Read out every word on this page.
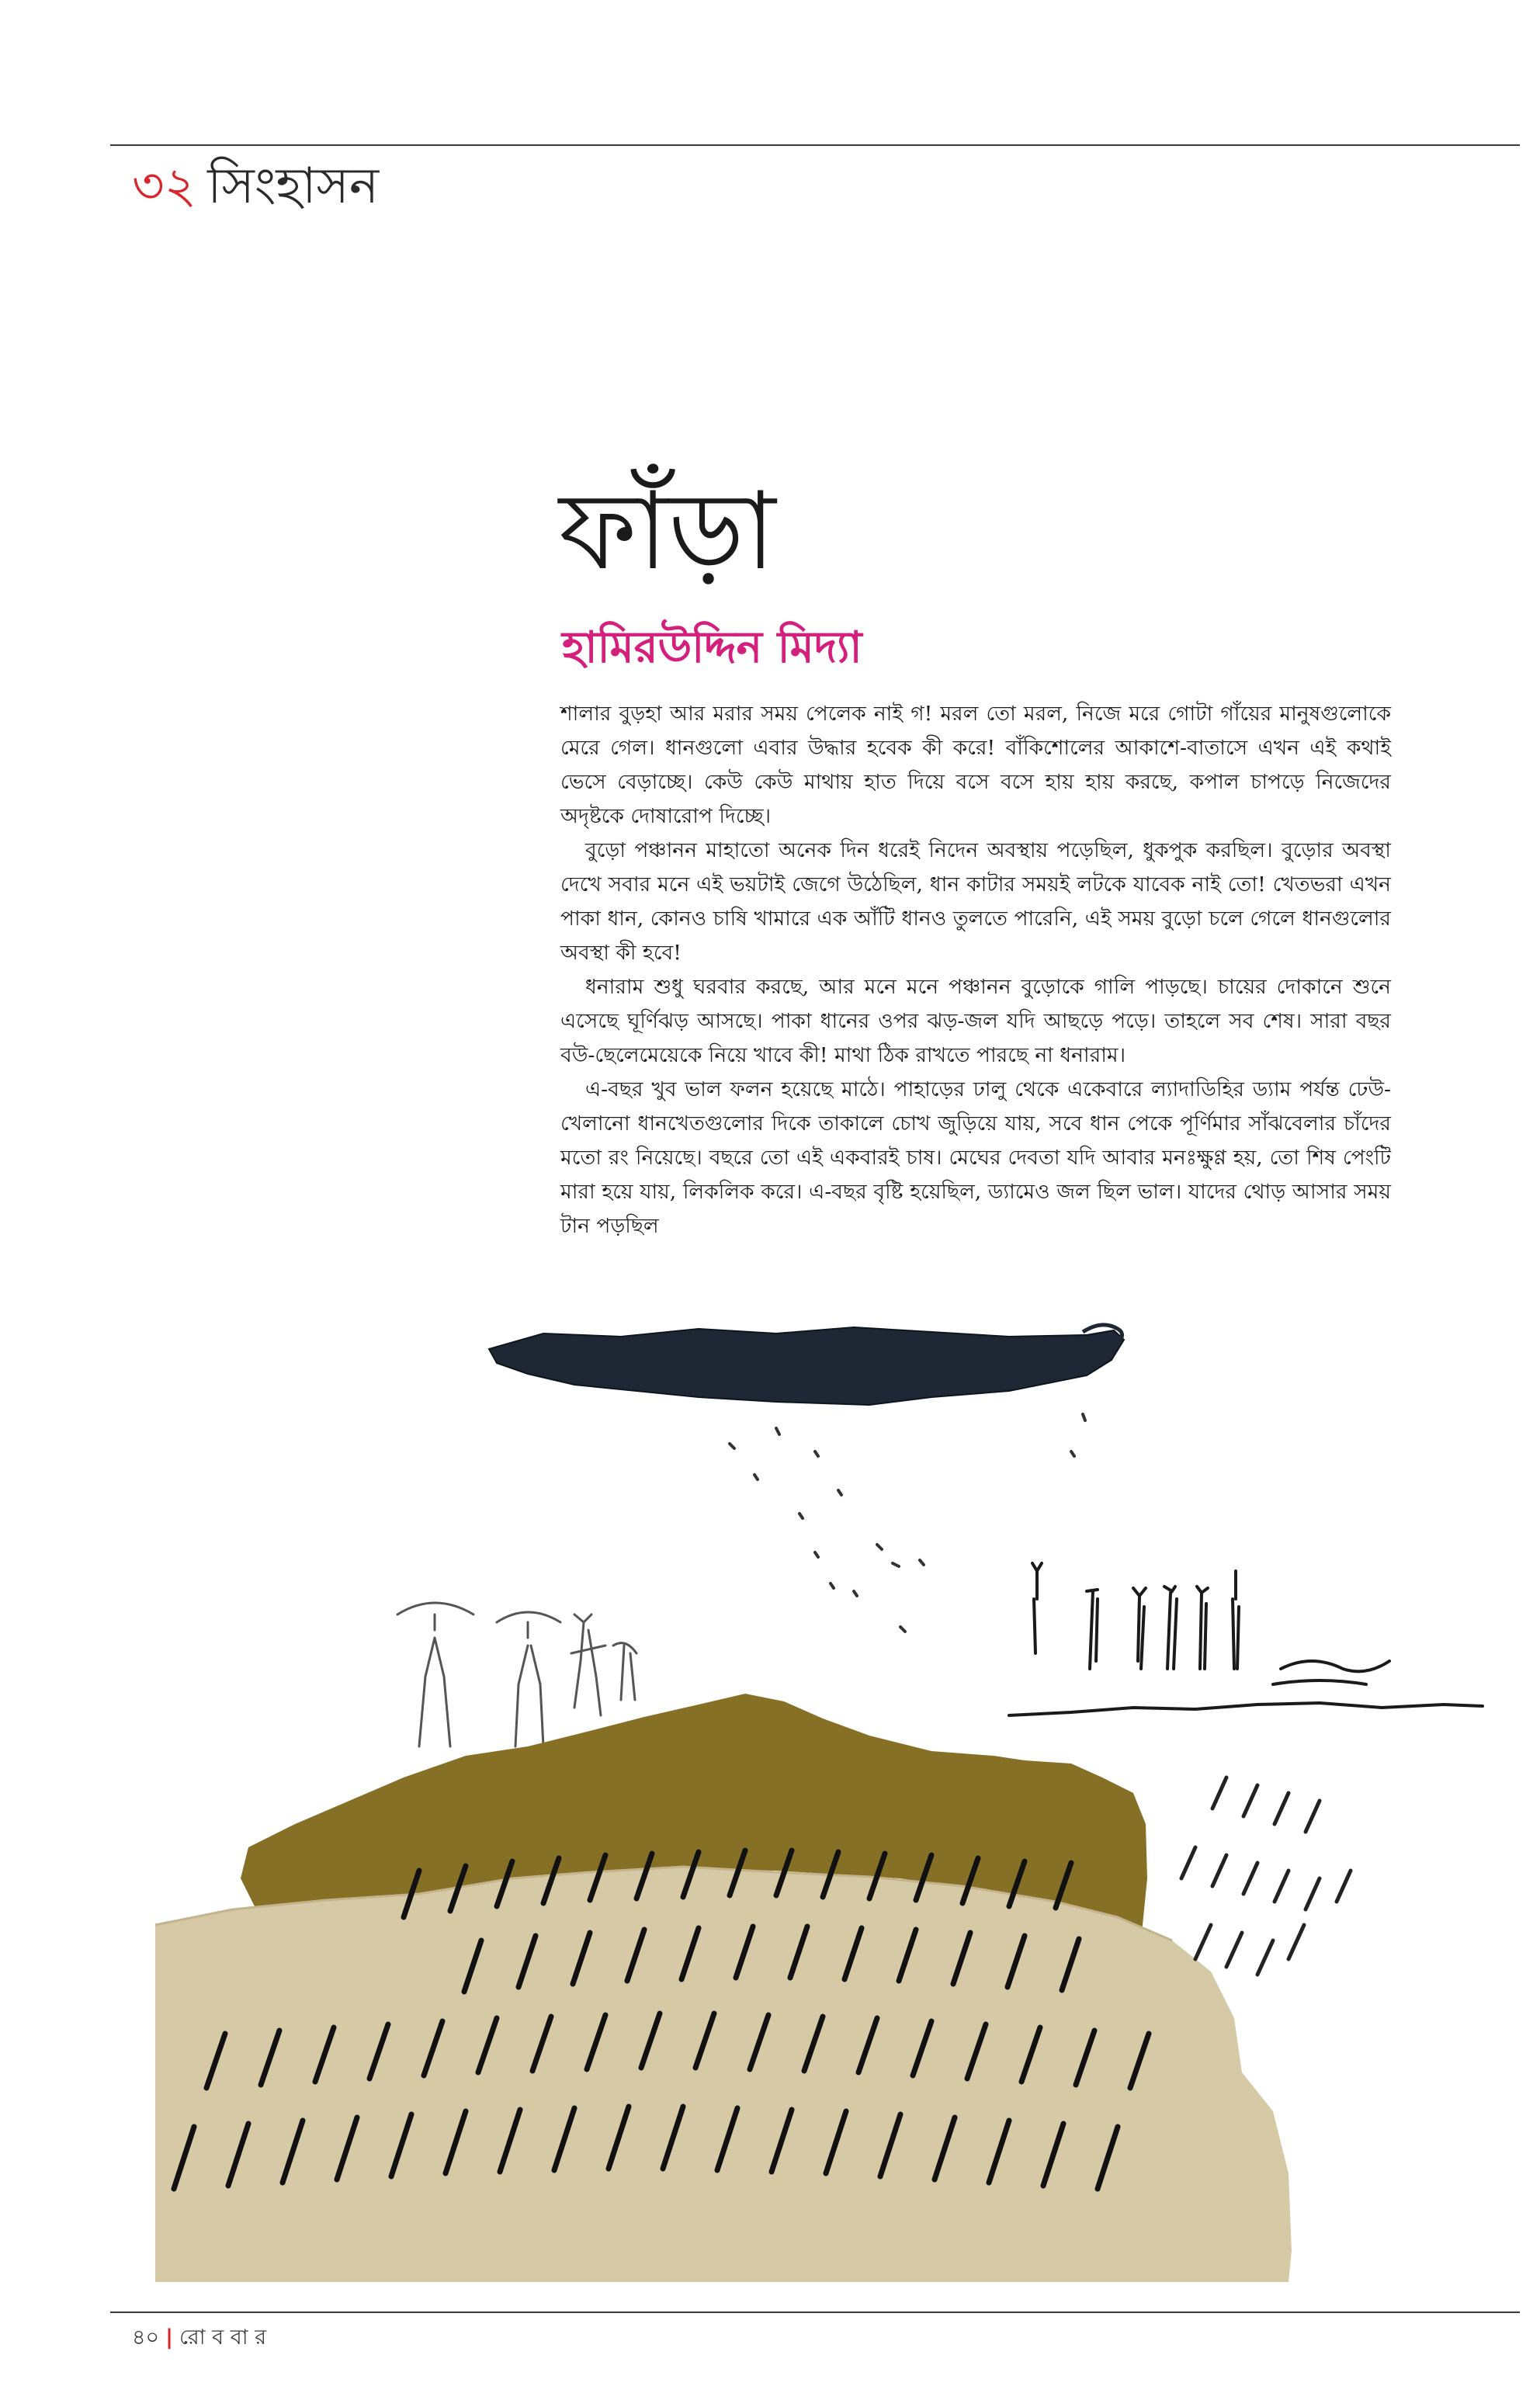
৩২ সিংহাসন
ফাঁড়া
হামিরউদ্দিন মিদ্যা

শালার বুড়হা আর মরার সময় পেলেক নাই গ! মরল তো মরল, নিজে মরে গোটা গাঁয়ের মানুষগুলোকে মেরে গেল। ধানগুলো এবার উদ্ধার হবেক কী করে! বাঁকিশোলের আকাশে-বাতাসে এখন এই কথাই ভেসে বেড়াচ্ছে। কেউ কেউ মাথায় হাত দিয়ে বসে বসে হায় হায় করছে, কপাল চাপড়ে নিজেদের অদৃষ্টকে দোষারোপ দিচ্ছে।

বুড়ো পঞ্চানন মাহাতো অনেক দিন ধরেই নিদেন অবস্থায় পড়েছিল, ধুকপুক করছিল। বুড়োর অবস্থা দেখে সবার মনে এই ভয়টাই জেগে উঠেছিল, ধান কাটার সময়ই লটকে যাবেক নাই তো! খেতভরা এখন পাকা ধান, কোনও চাষি খামারে এক আঁটি ধানও তুলতে পারেনি, এই সময় বুড়ো চলে গেলে ধানগুলোর অবস্থা কী হবে!

ধনারাম শুধু ঘরবার করছে, আর মনে মনে পঞ্চানন বুড়োকে গালি পাড়ছে। চায়ের দোকানে শুনে এসেছে ঘূর্ণিঝড় আসছে। পাকা ধানের ওপর ঝড়-জল যদি আছড়ে পড়ে। তাহলে সব শেষ। সারা বছর বউ-ছেলেমেয়েকে নিয়ে খাবে কী! মাথা ঠিক রাখতে পারছে না ধনারাম।

এ-বছর খুব ভাল ফলন হয়েছে মাঠে। পাহাড়ের ঢালু থেকে একেবারে ল্যাদাডিহির ড্যাম পর্যন্ত ঢেউ-খেলানো ধানখেতগুলোর দিকে তাকালে চোখ জুড়িয়ে যায়, সবে ধান পেকে পূর্ণিমার সাঁঝবেলার চাঁদের মতো রং নিয়েছে। বছরে তো এই একবারই চাষ। মেঘের দেবতা যদি আবার মনঃক্ষুণ্ণ হয়, তো শিষ পেংটি মারা হয়ে যায়, লিকলিক করে। এ-বছর বৃষ্টি হয়েছিল, ড্যামেও জল ছিল ভাল। যাদের থোড় আসার সময় টান পড়ছিল

৪০ | রো ব বা র
